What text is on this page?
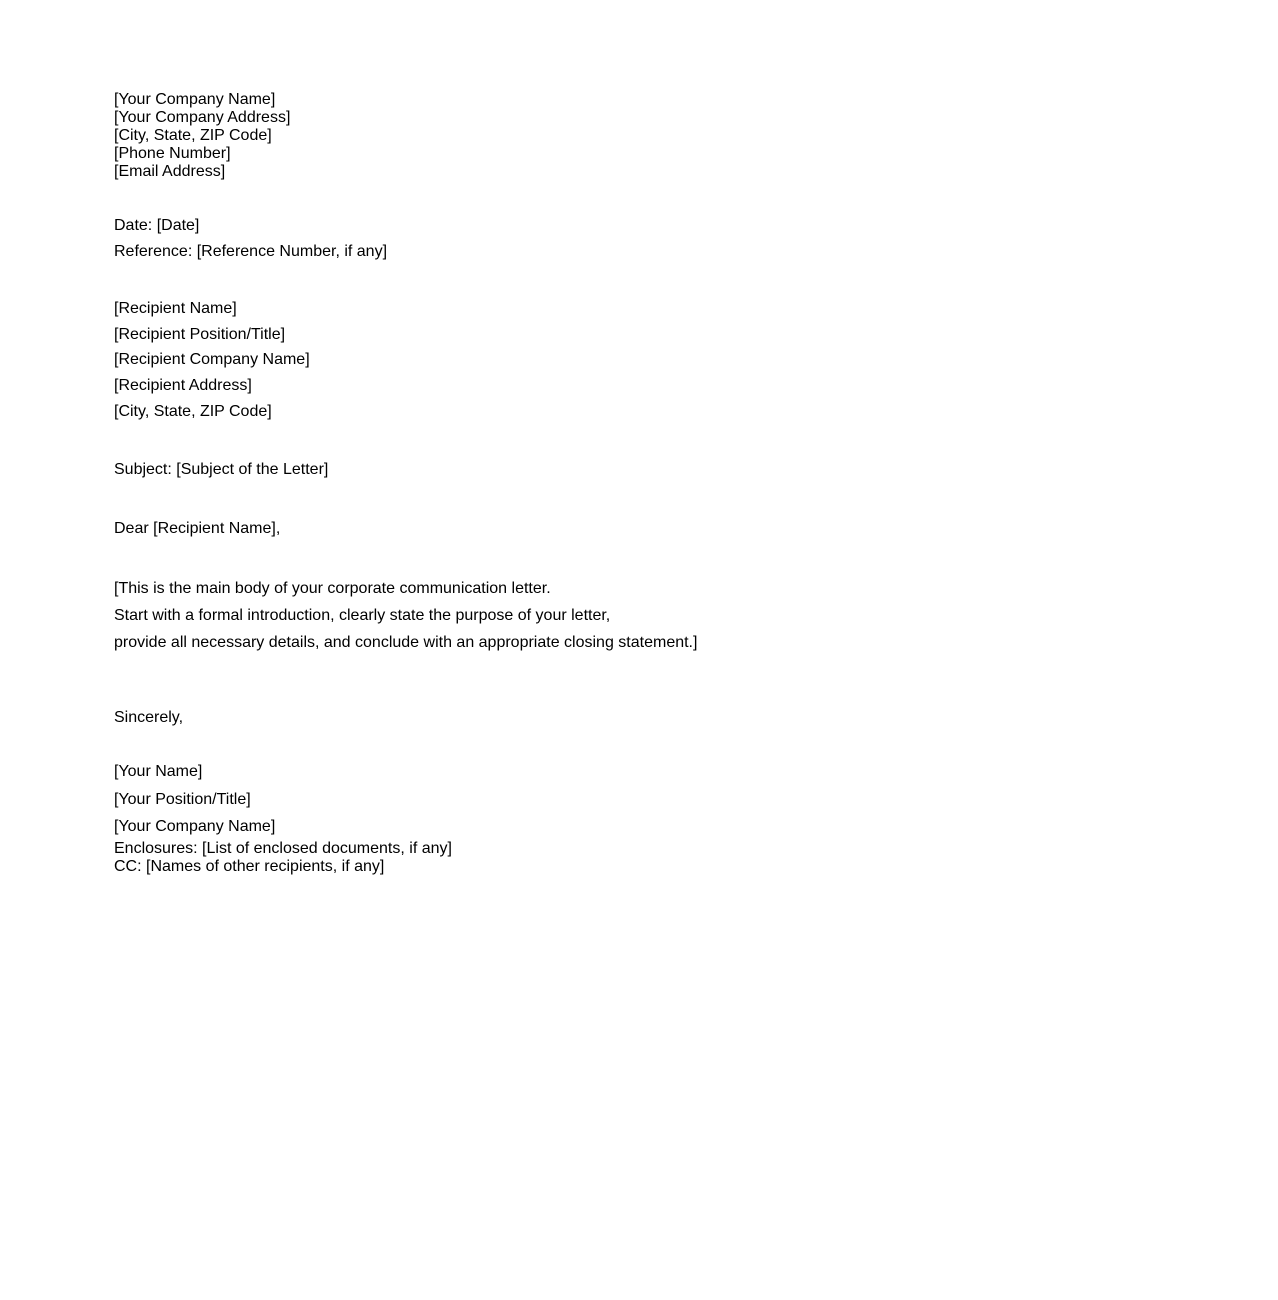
[Your Company Name]
[Your Company Address]
[City, State, ZIP Code]
[Phone Number]
[Email Address]
Date: [Date]
Reference: [Reference Number, if any]
[Recipient Name]
[Recipient Position/Title]
[Recipient Company Name]
[Recipient Address]
[City, State, ZIP Code]
Subject: [Subject of the Letter]
Dear [Recipient Name],
[This is the main body of your corporate communication letter.
Start with a formal introduction, clearly state the purpose of your letter,
provide all necessary details, and conclude with an appropriate closing statement.]
Sincerely,
[Your Name]
[Your Position/Title]
[Your Company Name]
Enclosures: [List of enclosed documents, if any]
CC: [Names of other recipients, if any]
